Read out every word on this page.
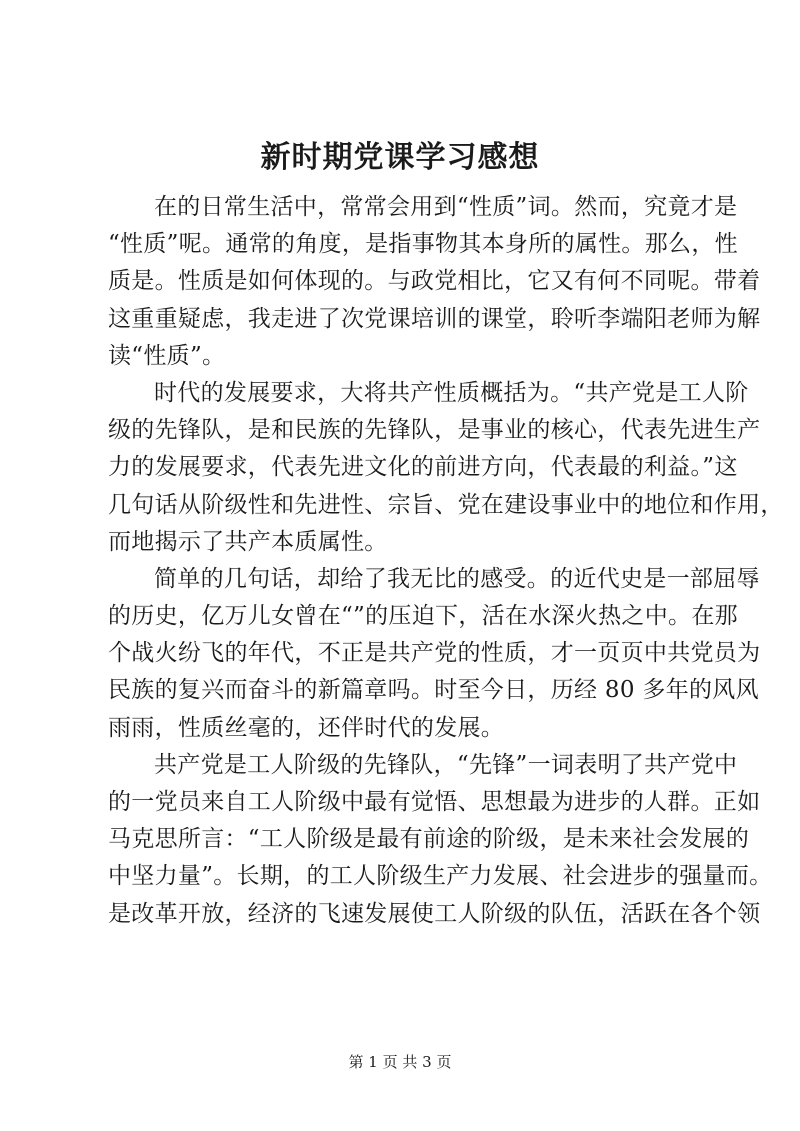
新时期党课学习感想
在的日常生活中，常常会用到“性质”词。然而，究竟才是
“性质”呢。通常的角度，是指事物其本身所的属性。那么，性
质是。性质是如何体现的。与政党相比，它又有何不同呢。带着
这重重疑虑，我走进了次党课培训的课堂，聆听李端阳老师为解
读“性质”。
时代的发展要求，大将共产性质概括为。“共产党是工人阶
级的先锋队，是和民族的先锋队，是事业的核心，代表先进生产
力的发展要求，代表先进文化的前进方向，代表最的利益。”这
几句话从阶级性和先进性、宗旨、党在建设事业中的地位和作用，
而地揭示了共产本质属性。
简单的几句话，却给了我无比的感受。的近代史是一部屈辱
的历史，亿万儿女曾在“”的压迫下，活在水深火热之中。在那
个战火纷飞的年代，不正是共产党的性质，才一页页中共党员为
民族的复兴而奋斗的新篇章吗。时至今日，历经 80 多年的风风
雨雨，性质丝毫的，还伴时代的发展。
共产党是工人阶级的先锋队，“先锋”一词表明了共产党中
的一党员来自工人阶级中最有觉悟、思想最为进步的人群。正如
马克思所言：“工人阶级是最有前途的阶级，是未来社会发展的
中坚力量”。长期，的工人阶级生产力发展、社会进步的强量而。
是改革开放，经济的飞速发展使工人阶级的队伍，活跃在各个领
第 1 页 共 3 页
